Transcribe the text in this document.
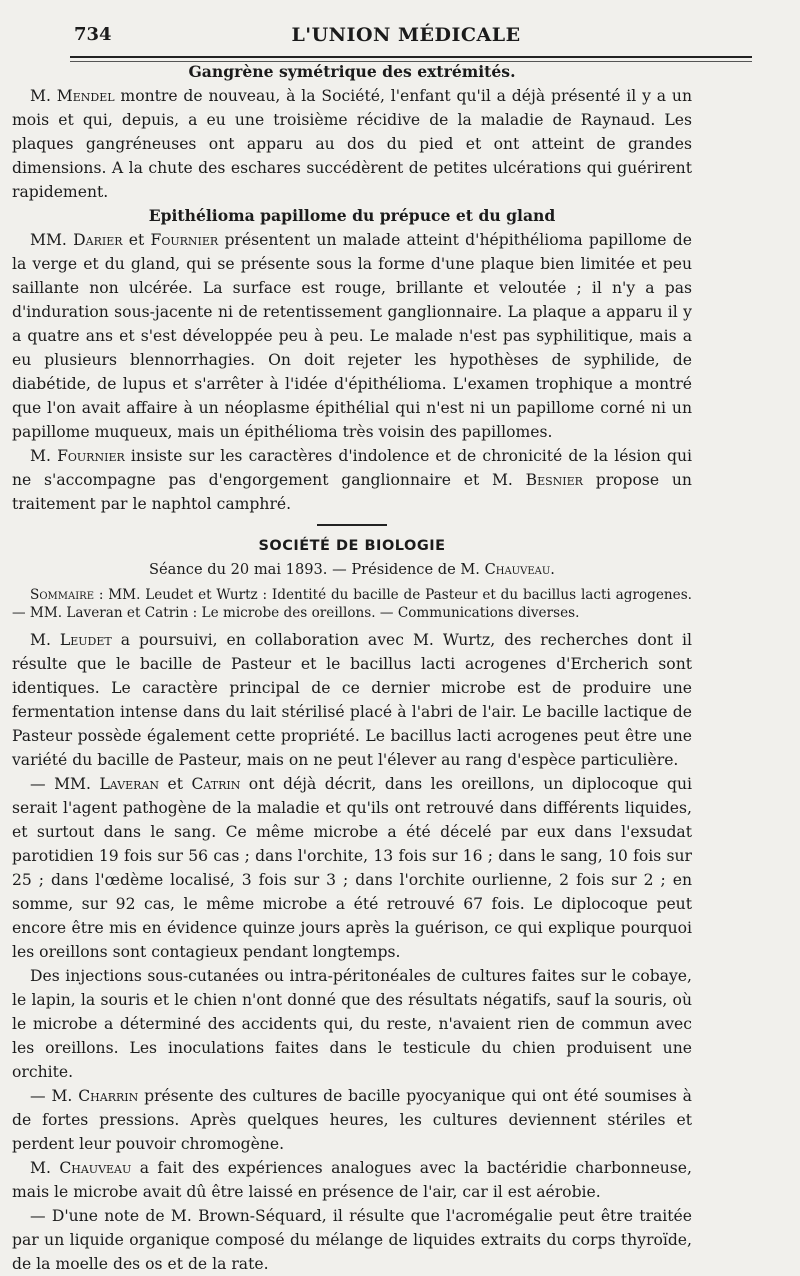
734	L'UNION MÉDICALE

Gangrène symétrique des extrémités.

M. Mendel montre de nouveau, à la Société, l'enfant qu'il a déjà présenté il y a un mois et qui, depuis, a eu une troisième récidive de la maladie de Raynaud. Les plaques gangréneuses ont apparu au dos du pied et ont atteint de grandes dimensions. A la chute des eschares succédèrent de petites ulcérations qui guérirent rapidement.

Epithélioma papillome du prépuce et du gland

MM. Darier et Fournier présentent un malade atteint d'hépithélioma papillome de la verge et du gland, qui se présente sous la forme d'une plaque bien limitée et peu saillante non ulcérée. La surface est rouge, brillante et veloutée ; il n'y a pas d'induration sous-jacente ni de retentissement ganglionnaire. La plaque a apparu il y a quatre ans et s'est développée peu à peu. Le malade n'est pas syphilitique, mais a eu plusieurs blennorrhagies. On doit rejeter les hypothèses de syphilide, de diabétide, de lupus et s'arrêter à l'idée d'épithélioma. L'examen trophique a montré que l'on avait affaire à un néoplasme épithélial qui n'est ni un papillome corné ni un papillome muqueux, mais un épithélioma très voisin des papillomes.

M. Fournier insiste sur les caractères d'indolence et de chronicité de la lésion qui ne s'accompagne pas d'engorgement ganglionnaire et M. Besnier propose un traitement par le naphtol camphré.

SOCIÉTÉ DE BIOLOGIE

Séance du 20 mai 1893. — Présidence de M. Chauveau.

Sommaire : MM. Leudet et Wurtz : Identité du bacille de Pasteur et du bacillus lacti agrogenes. — MM. Laveran et Catrin : Le microbe des oreillons. — Communications diverses.

M. Leudet a poursuivi, en collaboration avec M. Wurtz, des recherches dont il résulte que le bacille de Pasteur et le bacillus lacti acrogenes d'Ercherich sont identiques. Le caractère principal de ce dernier microbe est de produire une fermentation intense dans du lait stérilisé placé à l'abri de l'air. Le bacille lactique de Pasteur possède également cette propriété. Le bacillus lacti acrogenes peut être une variété du bacille de Pasteur, mais on ne peut l'élever au rang d'espèce particulière.

— MM. Laveran et Catrin ont déjà décrit, dans les oreillons, un diplocoque qui serait l'agent pathogène de la maladie et qu'ils ont retrouvé dans différents liquides, et surtout dans le sang. Ce même microbe a été décelé par eux dans l'exsudat parotidien 19 fois sur 56 cas ; dans l'orchite, 13 fois sur 16 ; dans le sang, 10 fois sur 25 ; dans l'œdème localisé, 3 fois sur 3 ; dans l'orchite ourlienne, 2 fois sur 2 ; en somme, sur 92 cas, le même microbe a été retrouvé 67 fois. Le diplocoque peut encore être mis en évidence quinze jours après la guérison, ce qui explique pourquoi les oreillons sont contagieux pendant longtemps.

Des injections sous-cutanées ou intra-péritonéales de cultures faites sur le cobaye, le lapin, la souris et le chien n'ont donné que des résultats négatifs, sauf la souris, où le microbe a déterminé des accidents qui, du reste, n'avaient rien de commun avec les oreillons. Les inoculations faites dans le testicule du chien produisent une orchite.

— M. Charrin présente des cultures de bacille pyocyanique qui ont été soumises à de fortes pressions. Après quelques heures, les cultures deviennent stériles et perdent leur pouvoir chromogène.

M. Chauveau a fait des expériences analogues avec la bactéridie charbonneuse, mais le microbe avait dû être laissé en présence de l'air, car il est aérobie.

— D'une note de M. Brown-Séquard, il résulte que l'acromégalie peut être traitée par un liquide organique composé du mélange de liquides extraits du corps thyroïde, de la moelle des os et de la rate.
